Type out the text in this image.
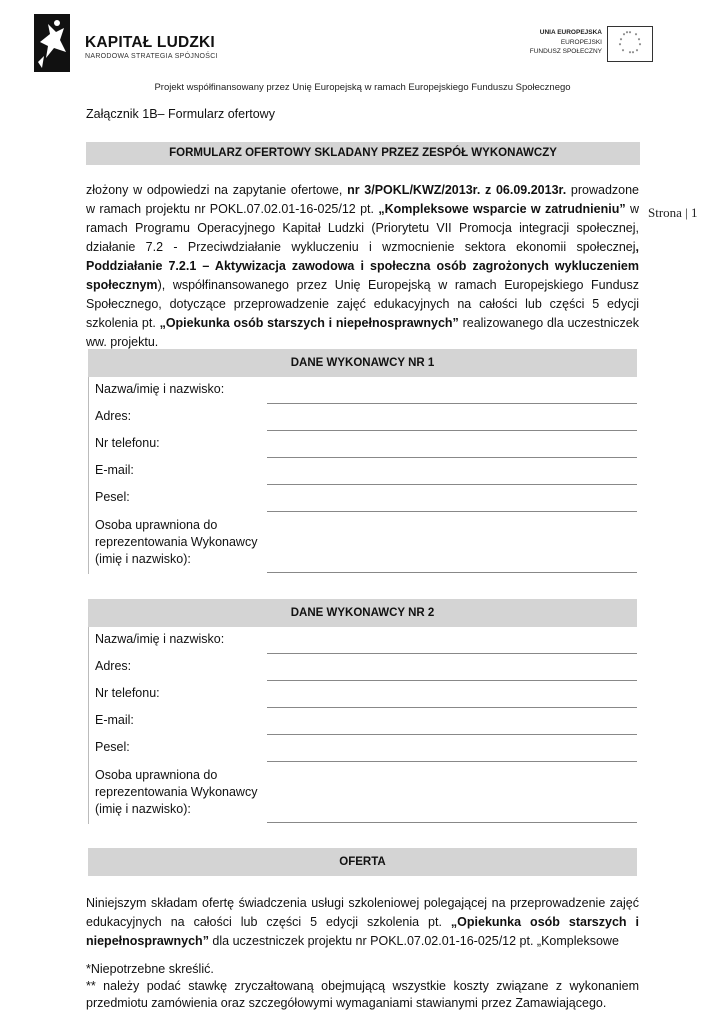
KAPITAŁ LUDZKI
NARODOWA STRATEGIA SPÓJNOŚCI
UNIA EUROPEJSKA
EUROPEJSKI
FUNDUSZ SPOŁECZNY
* *
*
*
*
*
*
*
*
*
*
*
Projekt współfinansowany przez Unię Europejską w ramach Europejskiego Funduszu Społecznego
Załącznik 1B– Formularz ofertowy
FORMULARZ OFERTOWY SKLADANY PRZEZ ZESPÓŁ WYKONAWCZY
złożony w odpowiedzi na zapytanie ofertowe, nr 3/POKL/KWZ/2013r. z 06.09.2013r. prowadzone w ramach projektu nr POKL.07.02.01-16-025/12 pt. „Kompleksowe wsparcie w zatrudnieniu” w ramach Programu Operacyjnego Kapitał Ludzki (Priorytetu VII Promocja integracji społecznej, działanie 7.2 - Przeciwdziałanie wykluczeniu i wzmocnienie sektora ekonomii społecznej, Poddziałanie 7.2.1 – Aktywizacja zawodowa i społeczna osób zagrożonych wykluczeniem społecznym), współfinansowanego przez Unię Europejską w ramach Europejskiego Fundusz Społecznego, dotyczące przeprowadzenie zajęć edukacyjnych na całości lub części 5 edycji szkolenia pt. „Opiekunka osób starszych i niepełnosprawnych” realizowanego dla uczestniczek ww. projektu.
Strona | 1
DANE WYKONAWCY NR 1
Nazwa/imię i nazwisko:
Adres:
Nr telefonu:
E-mail:
Pesel:
Osoba uprawniona do
reprezentowania Wykonawcy
(imię i nazwisko):
DANE WYKONAWCY NR 2
Nazwa/imię i nazwisko:
Adres:
Nr telefonu:
E-mail:
Pesel:
Osoba uprawniona do
reprezentowania Wykonawcy
(imię i nazwisko):
OFERTA
Niniejszym składam ofertę świadczenia usługi szkoleniowej polegającej na przeprowadzenie zajęć edukacyjnych na całości lub części 5 edycji szkolenia pt. „Opiekunka osób starszych i niepełnosprawnych” dla uczestniczek projektu nr POKL.07.02.01-16-025/12 pt. „Kompleksowe
*Niepotrzebne skreślić.
** należy podać stawkę zryczałtowaną obejmującą wszystkie koszty związane z wykonaniem przedmiotu zamówienia oraz szczegółowymi wymaganiami stawianymi przez Zamawiającego.
